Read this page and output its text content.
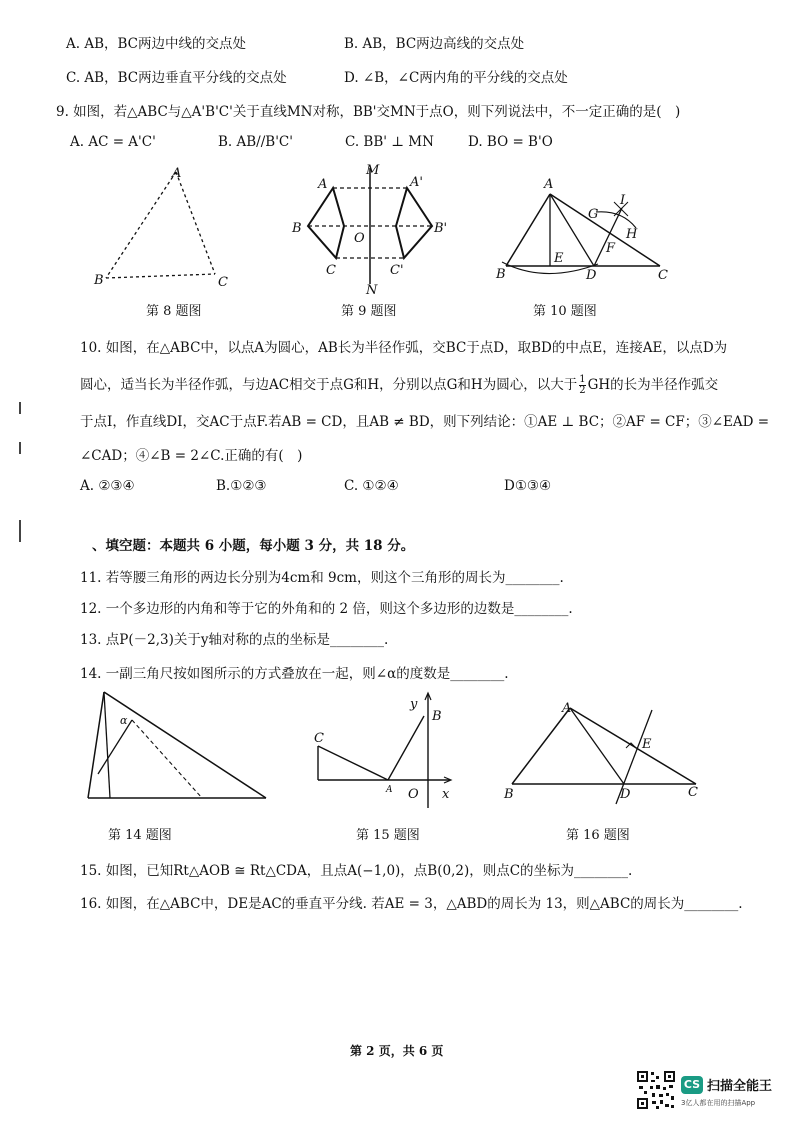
A. AB，BC两边中线的交点处	B. AB，BC两边高线的交点处
C. AB，BC两边垂直平分线的交点处	D. ∠B，∠C两内角的平分线的交点处
9. 如图，若△ABC与△A'B'C'关于直线MN对称，BB'交MN于点O，则下列说法中，不一定正确的是(　)
A. AC = A'C'	B. AB//B'C'	C. BB' ⊥ MN	D. BO = B'O
A
B	C
第 8 题图
M
A	A'
B	B'
O
C	C'
N
第 9 题图
A
B
E
D	C
G
I
H
F
第 10 题图
10. 如图，在△ABC中，以点A为圆心，AB长为半径作弧，交BC于点D，取BD的中点E，连接AE，以点D为
圆心，适当长为半径作弧，与边AC相交于点G和H，分别以点G和H为圆心，以大于 $\frac{1}{2}$ GH的长为半径作弧交
于点I，作直线DI，交AC于点F.若AB = CD，且AB ≠ BD，则下列结论：①AE ⊥ BC；②AF = CF；③∠EAD =
∠CAD；④∠B = 2∠C.正确的有(　)
A. ②③④	B.①②③	C. ①②④	D①③④
、填空题：本题共 6 小题，每小题 3 分，共 18 分。
11. 若等腰三角形的两边长分别为4cm和 9cm，则这个三角形的周长为________.
12. 一个多边形的内角和等于它的外角和的 2 倍，则这个多边形的边数是________.
13. 点P(－2,3)关于y轴对称的点的坐标是________.
14. 一副三角尺按如图所示的方式叠放在一起，则∠α的度数是________.
α
第 14 题图
C
y
B
O x
A
第 15 题图
A
B	D	C
E
第 16 题图
15. 如图，已知Rt△AOB ≅ Rt△CDA，且点A(−1,0)，点B(0,2)，则点C的坐标为________.
16. 如图，在△ABC中，DE是AC的垂直平分线. 若AE = 3，△ABD的周长为 13，则△ABC的周长为________.
第 2 页，共 6 页
CS 扫描全能王
3亿人都在用的扫描App
